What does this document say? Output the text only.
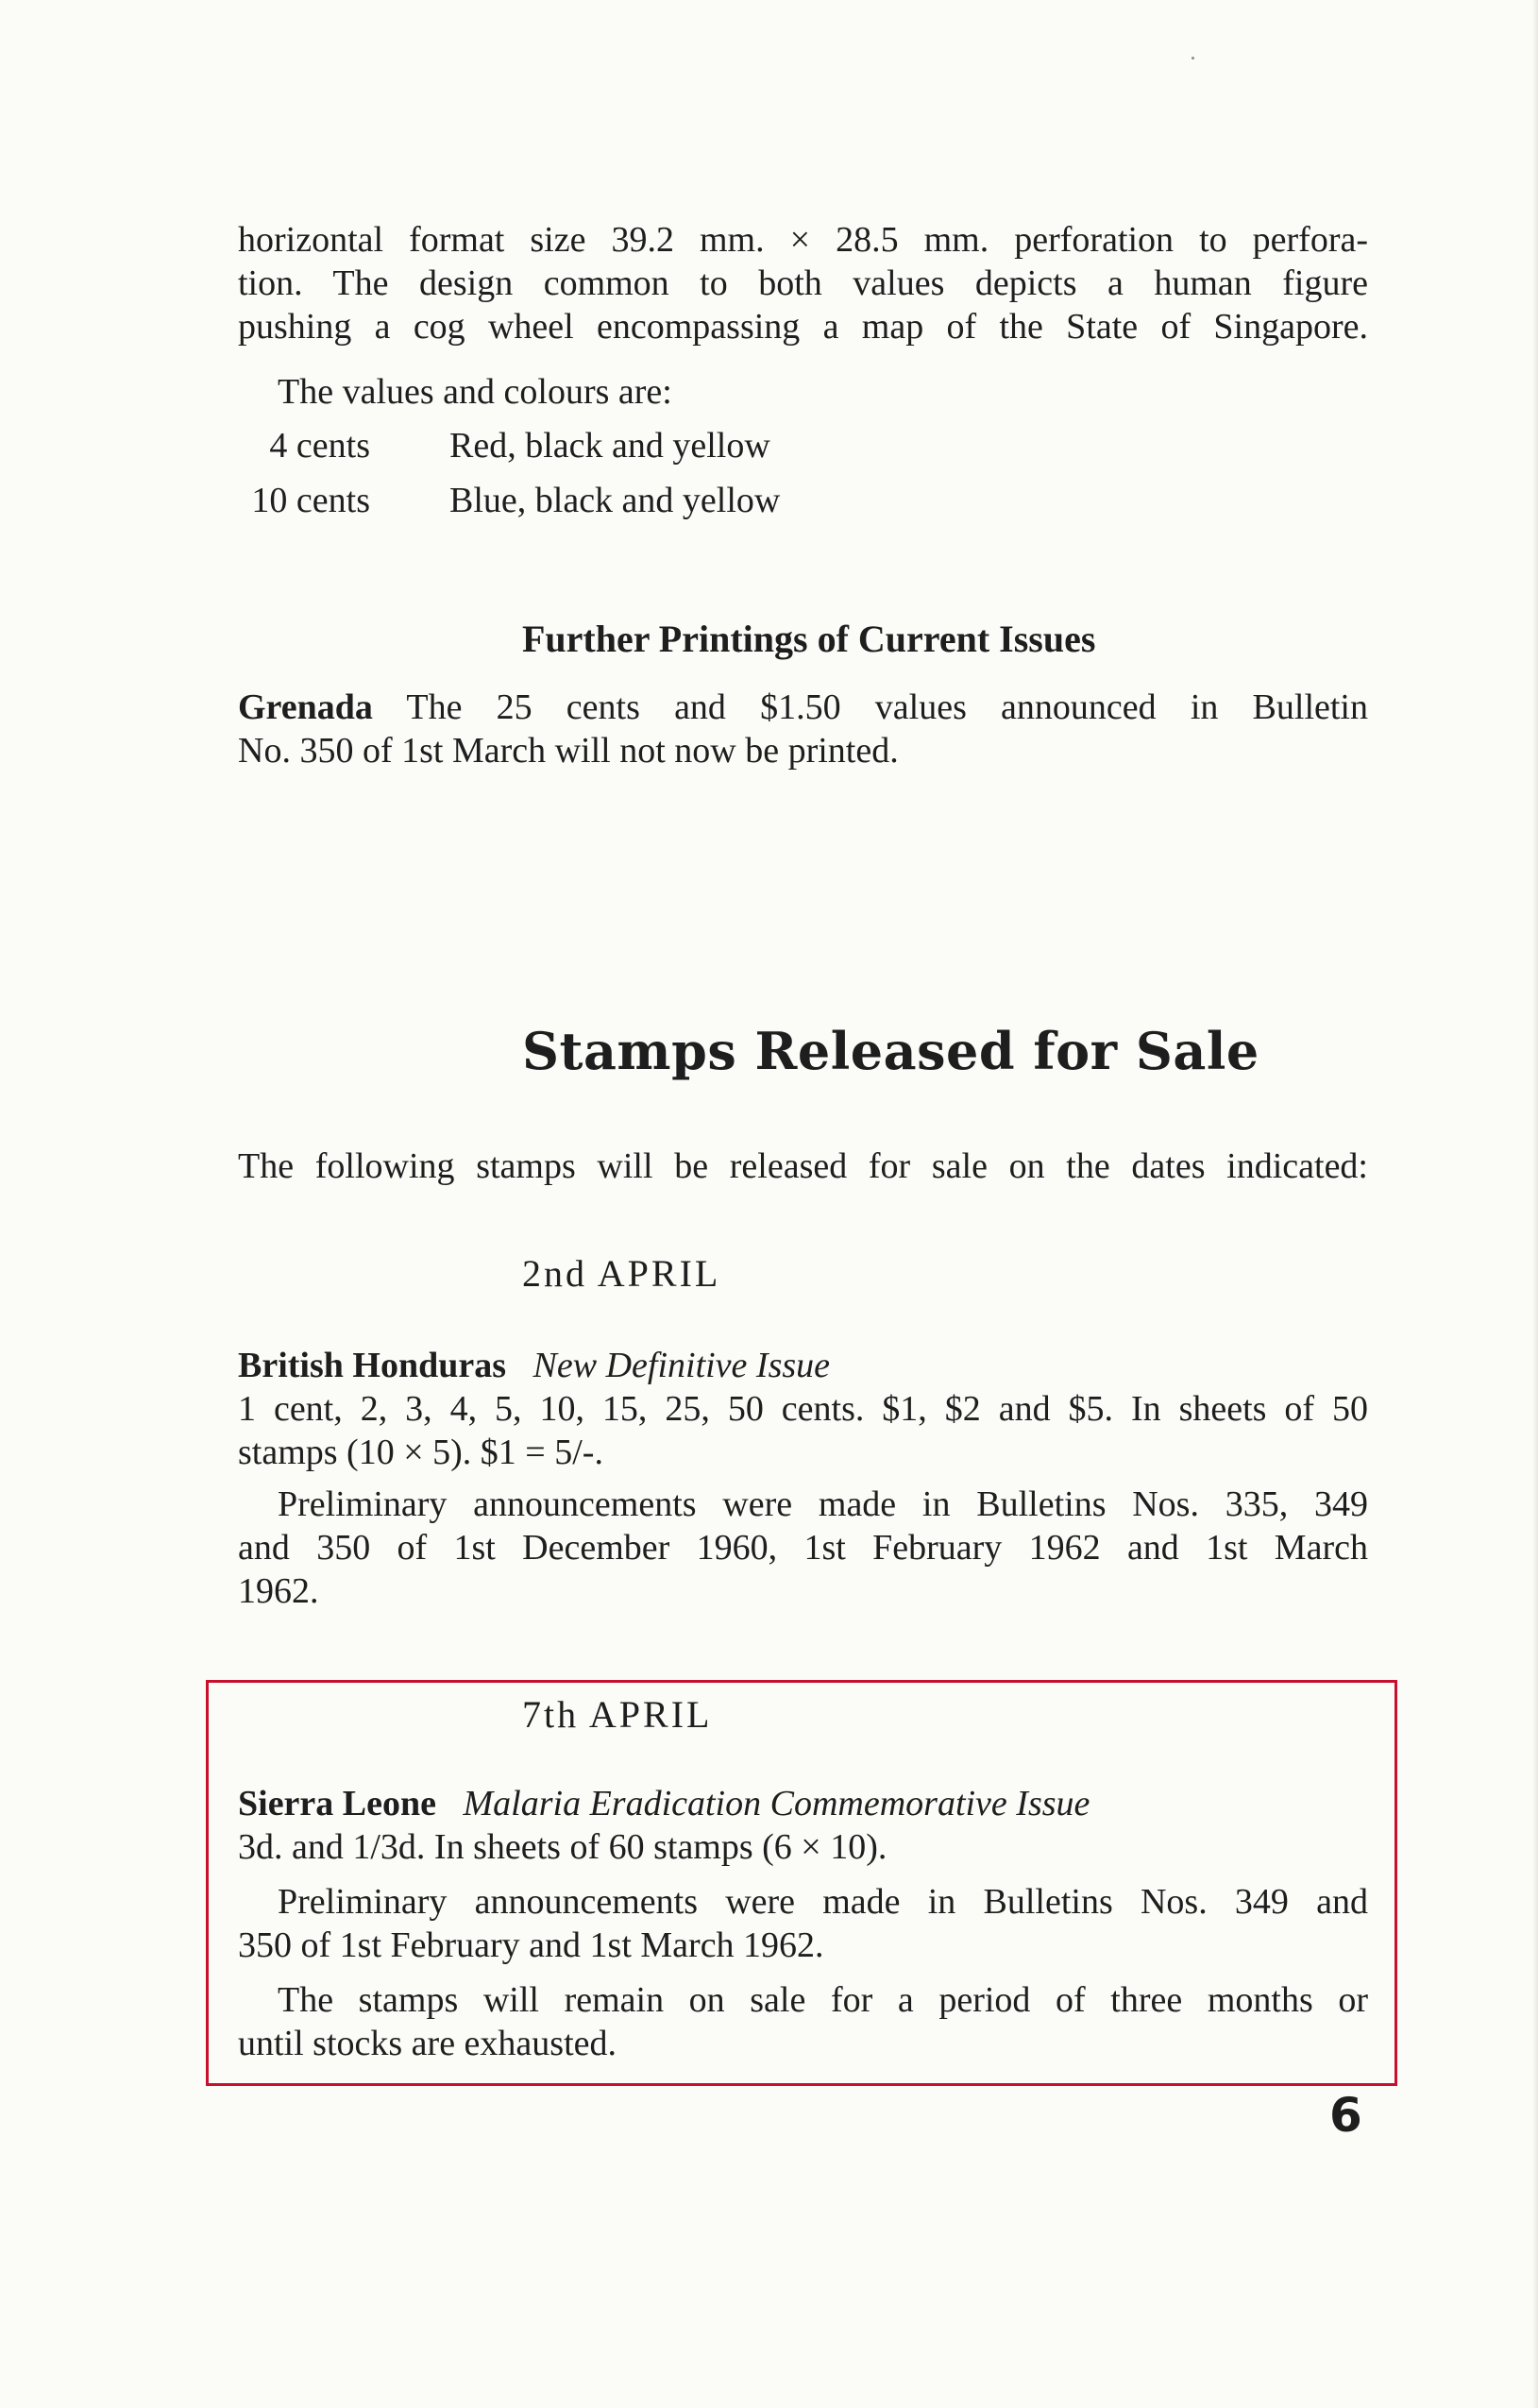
horizontal format size 39.2 mm. × 28.5 mm. perforation to perfora-
tion. The design common to both values depicts a human figure
pushing a cog wheel encompassing a map of the State of Singapore.
The values and colours are:
4 cents Red, black and yellow
10 cents Blue, black and yellow
Further Printings of Current Issues
Grenada The 25 cents and $1.50 values announced in Bulletin
No. 350 of 1st March will not now be printed.
Stamps Released for Sale
The following stamps will be released for sale on the dates indicated:
2nd APRIL
British Honduras New Definitive Issue
1 cent, 2, 3, 4, 5, 10, 15, 25, 50 cents. $1, $2 and $5. In sheets of 50
stamps (10 × 5). $1 = 5/-.
Preliminary announcements were made in Bulletins Nos. 335, 349
and 350 of 1st December 1960, 1st February 1962 and 1st March
1962.
7th APRIL
Sierra Leone Malaria Eradication Commemorative Issue
3d. and 1/3d. In sheets of 60 stamps (6 × 10).
Preliminary announcements were made in Bulletins Nos. 349 and
350 of 1st February and 1st March 1962.
The stamps will remain on sale for a period of three months or
until stocks are exhausted.
6
